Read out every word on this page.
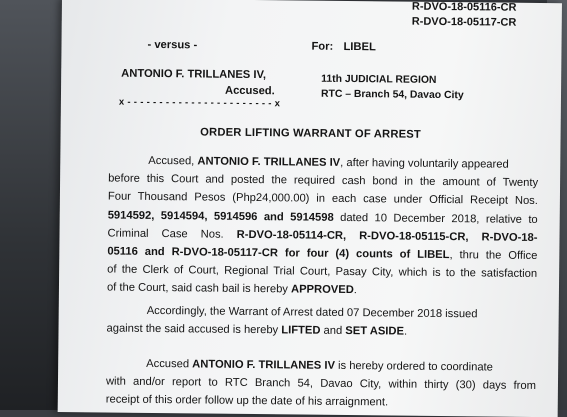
R-DVO-18-05116-CR
R-DVO-18-05117-CR
- versus -	For: LIBEL
ANTONIO F. TRILLANES IV,
Accused.
x - - - - - - - - - - - - - - - - - - - - - - - x
11th JUDICIAL REGION
RTC – Branch 54, Davao City
ORDER LIFTING WARRANT OF ARREST
Accused, ANTONIO F. TRILLANES IV, after having voluntarily appeared
before this Court and posted the required cash bond in the amount of Twenty
Four Thousand Pesos (Php24,000.00) in each case under Official Receipt Nos.
5914592, 5914594, 5914596 and 5914598 dated 10 December 2018, relative to
Criminal Case Nos. R-DVO-18-05114-CR, R-DVO-18-05115-CR, R-DVO-18-
05116 and R-DVO-18-05117-CR for four (4) counts of LIBEL, thru the Office
of the Clerk of Court, Regional Trial Court, Pasay City, which is to the satisfaction
of the Court, said cash bail is hereby APPROVED.
Accordingly, the Warrant of Arrest dated 07 December 2018 issued
against the said accused is hereby LIFTED and SET ASIDE.
Accused ANTONIO F. TRILLANES IV is hereby ordered to coordinate
with and/or report to RTC Branch 54, Davao City, within thirty (30) days from
receipt of this order follow up the date of his arraignment.
